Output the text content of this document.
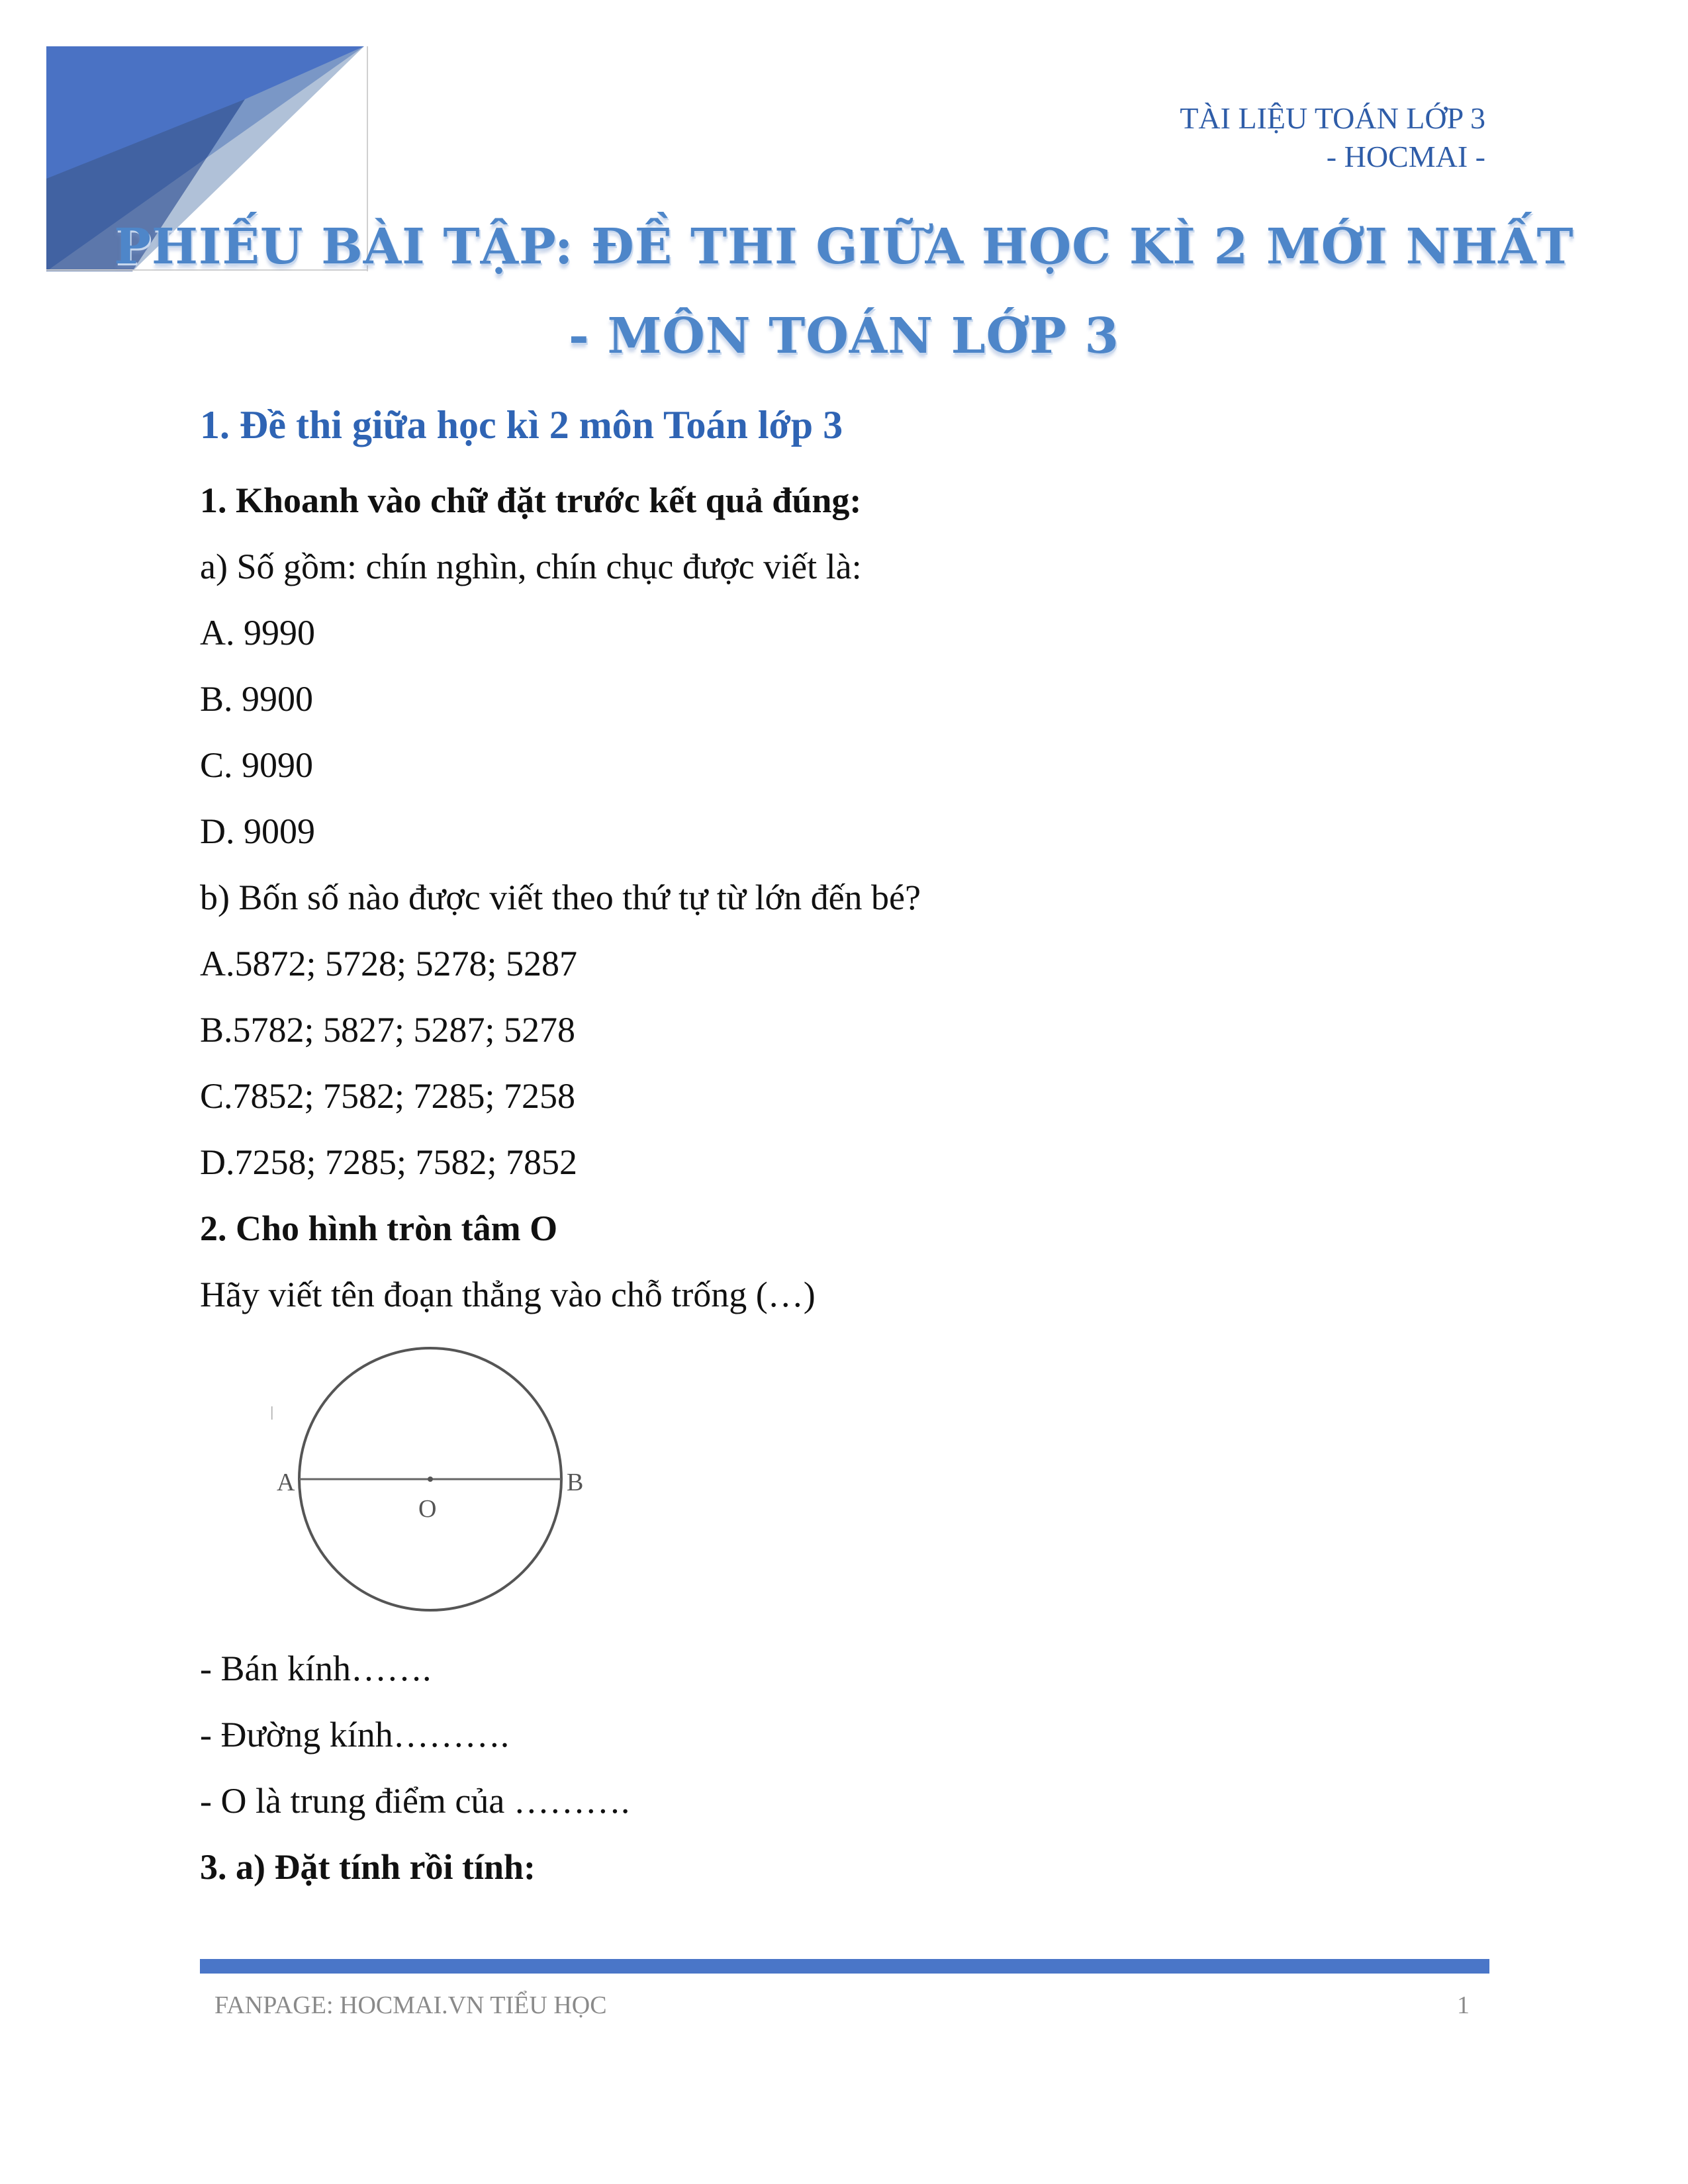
TÀI LIỆU TOÁN LỚP 3
- HOCMAI -
PHIẾU BÀI TẬP: ĐỀ THI GIỮA HỌC KÌ 2 MỚI NHẤT
- MÔN TOÁN LỚP 3
1. Đề thi giữa học kì 2 môn Toán lớp 3
1. Khoanh vào chữ đặt trước kết quả đúng:
a) Số gồm: chín nghìn, chín chục được viết là:
A. 9990
B. 9900
C. 9090
D. 9009
b) Bốn số nào được viết theo thứ tự từ lớn đến bé?
A.5872; 5728; 5278; 5287
B.5782; 5827; 5287; 5278
C.7852; 7582; 7285; 7258
D.7258; 7285; 7582; 7852
2. Cho hình tròn tâm O
Hãy viết tên đoạn thẳng vào chỗ trống (…)
A
O
B
- Bán kính…….
- Đường kính……….
- O là trung điểm của ……….
3. a) Đặt tính rồi tính:
FANPAGE: HOCMAI.VN TIỂU HỌC	1
